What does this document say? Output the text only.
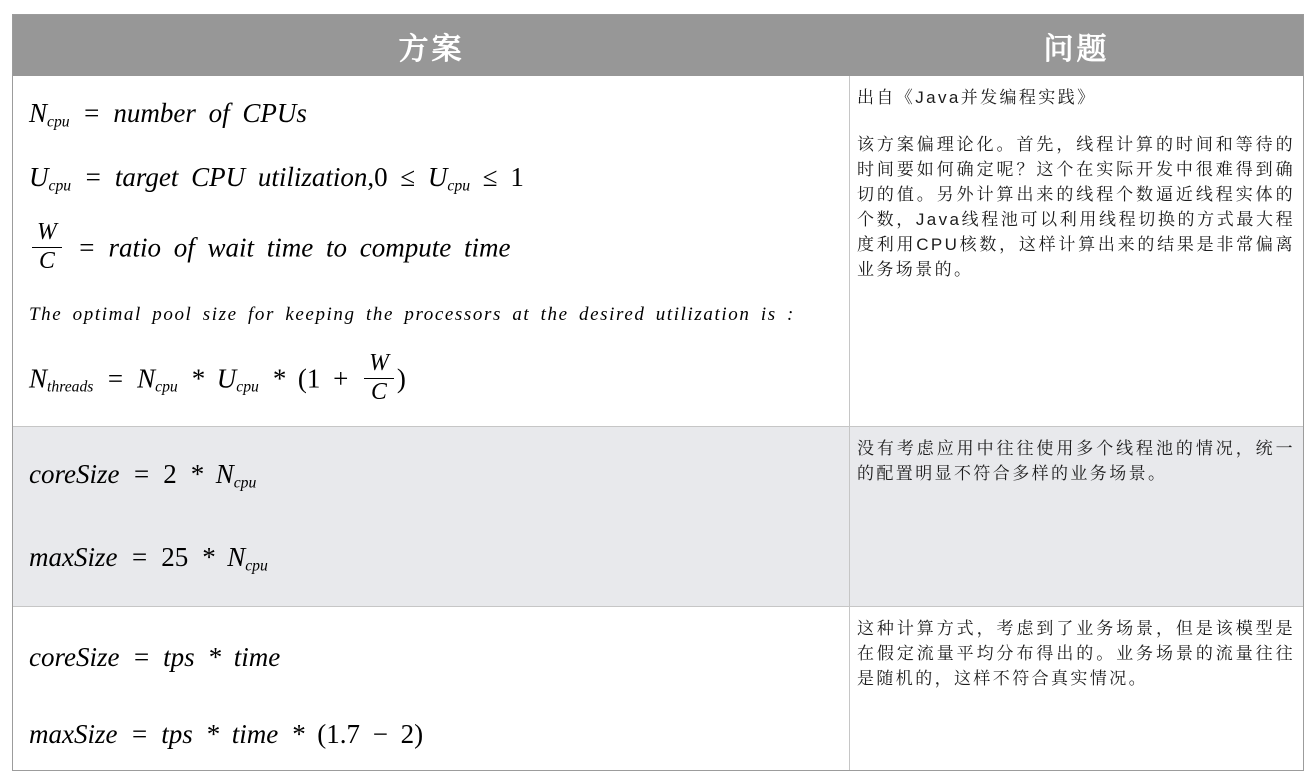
方案	问题
$N_{cpu}$ = number of CPUs
$U_{cpu}$ = target CPU utilization,0 ≤ $U_{cpu} \le 1$
$\frac{W}{C}$ = ratio of wait time to compute time
The optimal pool size for keeping the processors at the desired utilization is :
$N_{threads} = N_{cpu} * U_{cpu} * (1 + \frac{W}{C}$ )

出自《Java并发编程实践》

该方案偏理论化。首先，线程计算的时间和等待的时间要如何确定呢？这个在实际开发中很难得到确切的值。另外计算出来的线程个数逼近线程实体的个数，Java线程池可以利用线程切换的方式最大程度利用CPU核数，这样计算出来的结果是非常偏离业务场景的。

coreSize = $2 * N_{cpu}$
maxSize = $25 * N_{cpu}$

没有考虑应用中往往使用多个线程池的情况，统一的配置明显不符合多样的业务场景。

coreSize = tps * time
maxSize = tps * time * (1.7 − 2)

这种计算方式，考虑到了业务场景，但是该模型是在假定流量平均分布得出的。业务场景的流量往往是随机的，这样不符合真实情况。
